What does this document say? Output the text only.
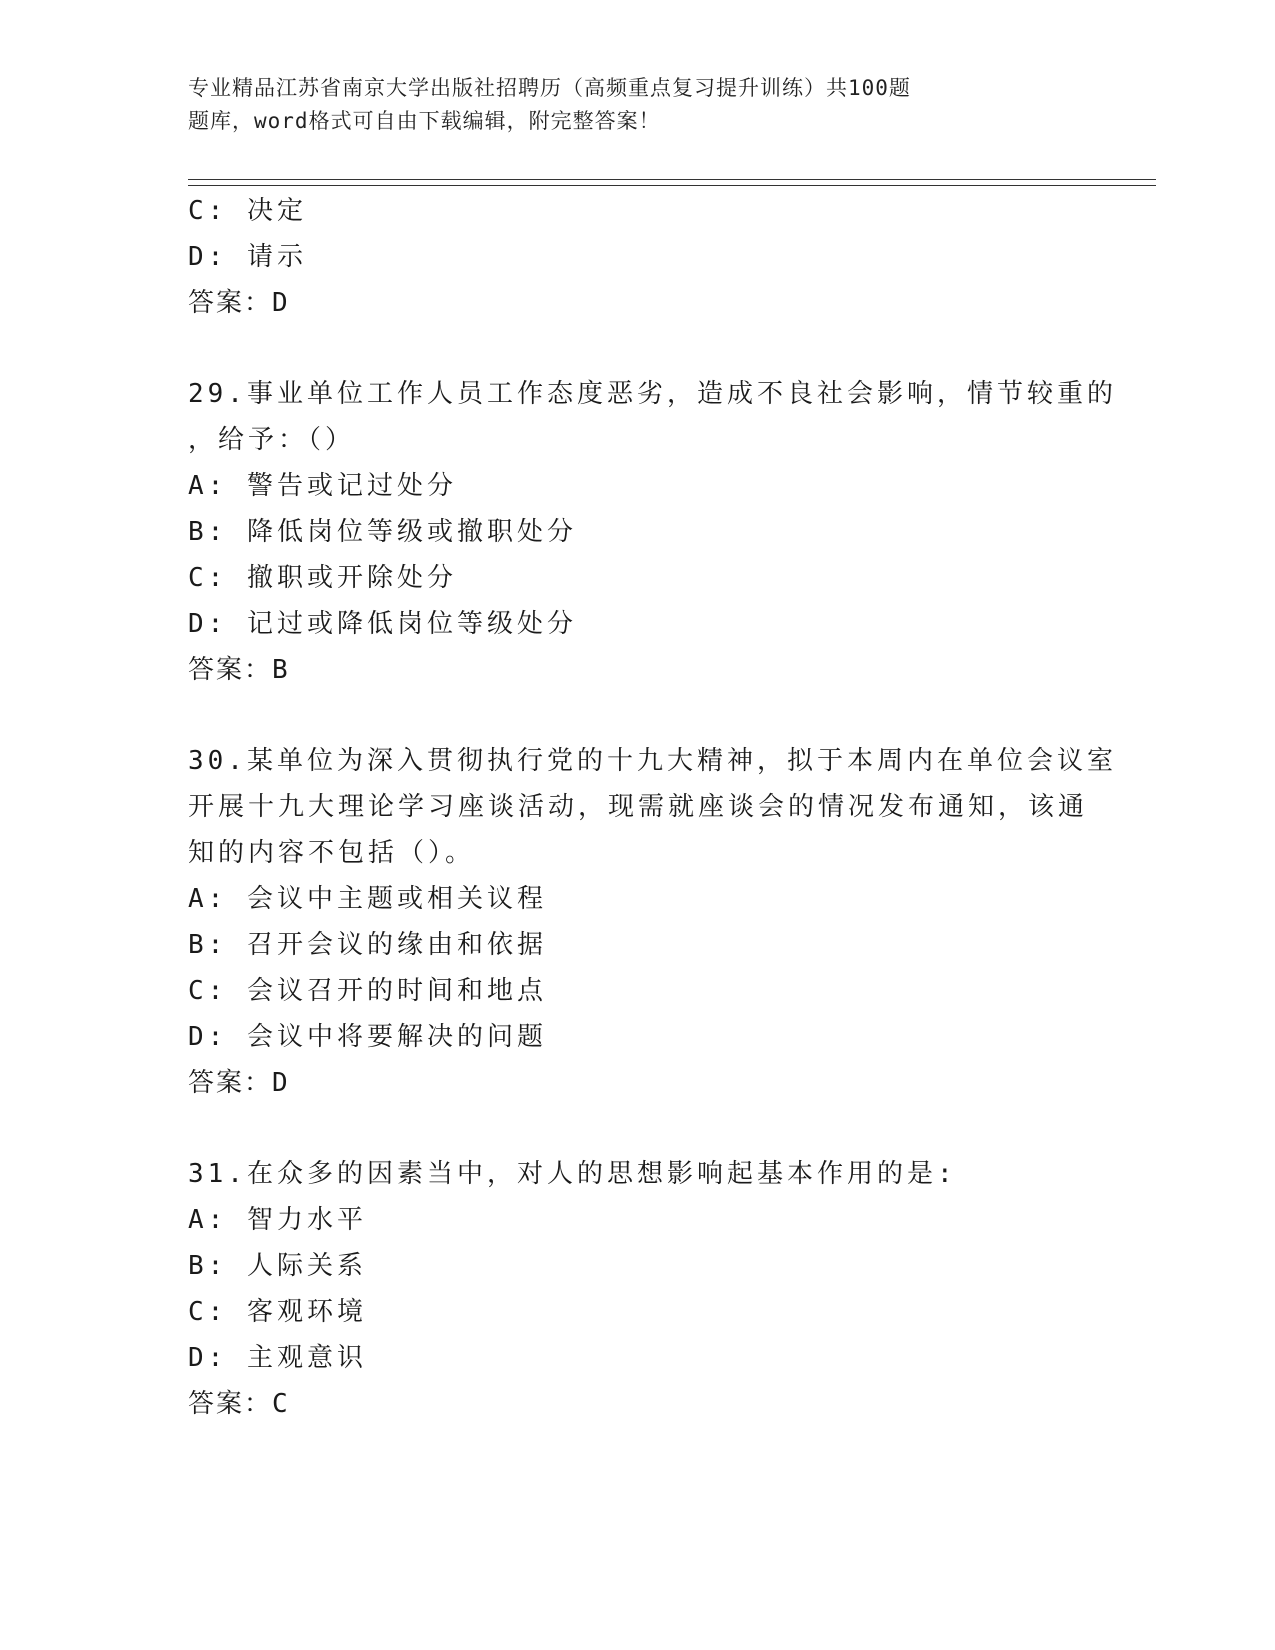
专业精品江苏省南京大学出版社招聘历（高频重点复习提升训练）共100题
题库，word格式可自由下载编辑，附完整答案！
C: 决定
D: 请示
答案：D
29.事业单位工作人员工作态度恶劣，造成不良社会影响，情节较重的
，给予：（）
A: 警告或记过处分
B: 降低岗位等级或撤职处分
C: 撤职或开除处分
D: 记过或降低岗位等级处分
答案：B
30.某单位为深入贯彻执行党的十九大精神，拟于本周内在单位会议室
开展十九大理论学习座谈活动，现需就座谈会的情况发布通知，该通
知的内容不包括（）。
A: 会议中主题或相关议程
B: 召开会议的缘由和依据
C: 会议召开的时间和地点
D: 会议中将要解决的问题
答案：D
31.在众多的因素当中，对人的思想影响起基本作用的是:
A: 智力水平
B: 人际关系
C: 客观环境
D: 主观意识
答案：C
